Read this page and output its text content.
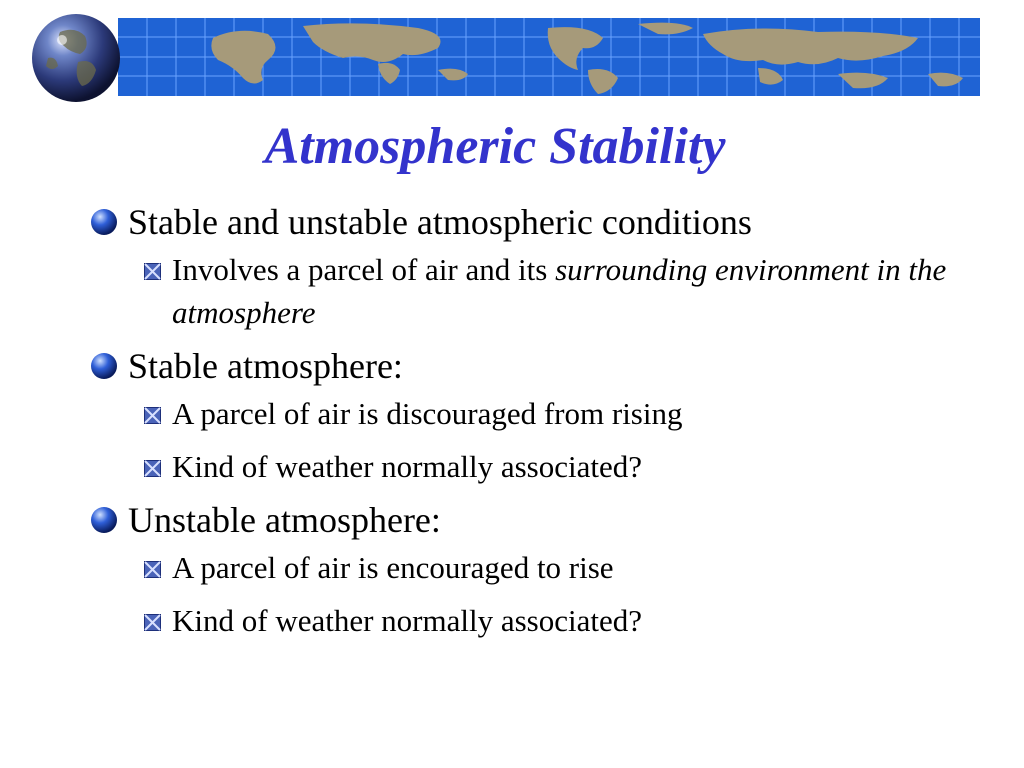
Atmospheric Stability
Stable and unstable atmospheric conditions
Involves a parcel of air and its surrounding environment in the atmosphere
Stable atmosphere:
A parcel of air is discouraged from rising
Kind of weather normally associated?
Unstable atmosphere:
A parcel of air is encouraged to rise
Kind of weather normally associated?
